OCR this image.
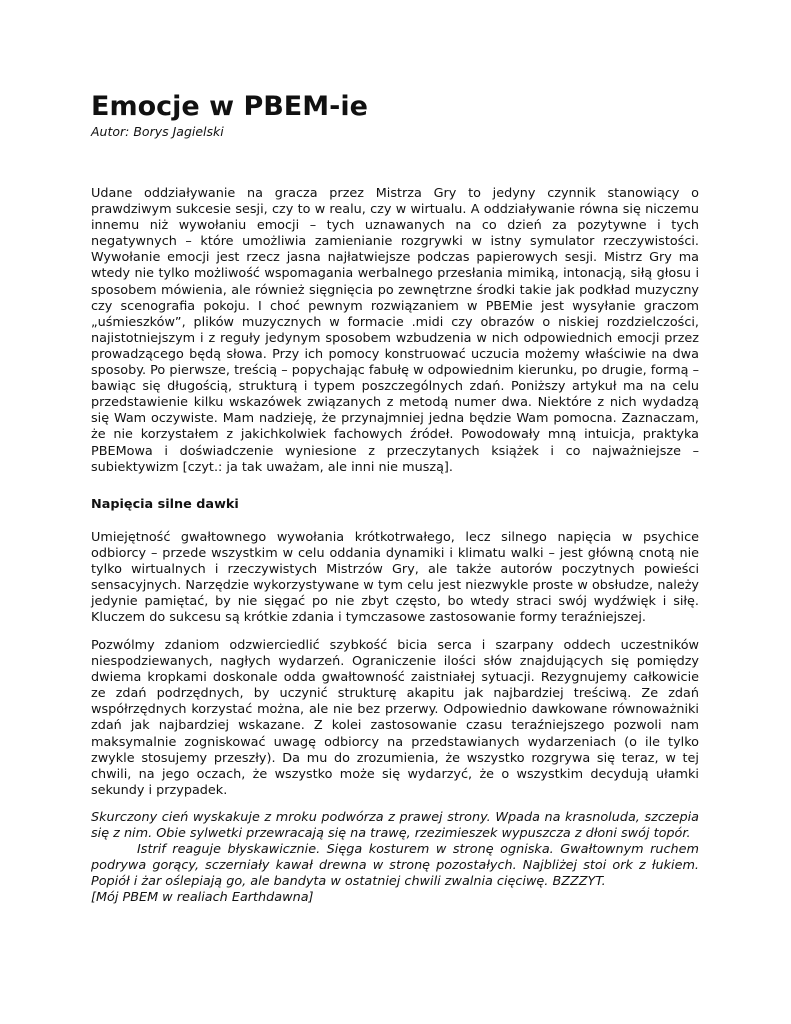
Emocje w PBEM-ie
Autor: Borys Jagielski

Udane oddziaływanie na gracza przez Mistrza Gry to jedyny czynnik stanowiący o prawdziwym sukcesie sesji, czy to w realu, czy w wirtualu. A oddziaływanie równa się niczemu innemu niż wywołaniu emocji – tych uznawanych na co dzień za pozytywne i tych negatywnych – które umożliwia zamienianie rozgrywki w istny symulator rzeczywistości. Wywołanie emocji jest rzecz jasna najłatwiejsze podczas papierowych sesji. Mistrz Gry ma wtedy nie tylko możliwość wspomagania werbalnego przesłania mimiką, intonacją, siłą głosu i sposobem mówienia, ale również sięgnięcia po zewnętrzne środki takie jak podkład muzyczny czy scenografia pokoju. I choć pewnym rozwiązaniem w PBEMie jest wysyłanie graczom „uśmieszków”, plików muzycznych w formacie .midi czy obrazów o niskiej rozdzielczości, najistotniejszym i z reguły jedynym sposobem wzbudzenia w nich odpowiednich emocji przez prowadzącego będą słowa. Przy ich pomocy konstruować uczucia możemy właściwie na dwa sposoby. Po pierwsze, treścią – popychając fabułę w odpowiednim kierunku, po drugie, formą – bawiąc się długością, strukturą i typem poszczególnych zdań. Poniższy artykuł ma na celu przedstawienie kilku wskazówek związanych z metodą numer dwa. Niektóre z nich wydadzą się Wam oczywiste. Mam nadzieję, że przynajmniej jedna będzie Wam pomocna. Zaznaczam, że nie korzystałem z jakichkolwiek fachowych źródeł. Powodowały mną intuicja, praktyka PBEMowa i doświadczenie wyniesione z przeczytanych książek i co najważniejsze – subiektywizm [czyt.: ja tak uważam, ale inni nie muszą].

Napięcia silne dawki

Umiejętność gwałtownego wywołania krótkotrwałego, lecz silnego napięcia w psychice odbiorcy – przede wszystkim w celu oddania dynamiki i klimatu walki – jest główną cnotą nie tylko wirtualnych i rzeczywistych Mistrzów Gry, ale także autorów poczytnych powieści sensacyjnych. Narzędzie wykorzystywane w tym celu jest niezwykle proste w obsłudze, należy jedynie pamiętać, by nie sięgać po nie zbyt często, bo wtedy straci swój wydźwięk i siłę. Kluczem do sukcesu są krótkie zdania i tymczasowe zastosowanie formy teraźniejszej.

Pozwólmy zdaniom odzwierciedlić szybkość bicia serca i szarpany oddech uczestników niespodziewanych, nagłych wydarzeń. Ograniczenie ilości słów znajdujących się pomiędzy dwiema kropkami doskonale odda gwałtowność zaistniałej sytuacji. Rezygnujemy całkowicie ze zdań podrzędnych, by uczynić strukturę akapitu jak najbardziej treściwą. Ze zdań współrzędnych korzystać można, ale nie bez przerwy. Odpowiednio dawkowane równoważniki zdań jak najbardziej wskazane. Z kolei zastosowanie czasu teraźniejszego pozwoli nam maksymalnie zogniskować uwagę odbiorcy na przedstawianych wydarzeniach (o ile tylko zwykle stosujemy przeszły). Da mu do zrozumienia, że wszystko rozgrywa się teraz, w tej chwili, na jego oczach, że wszystko może się wydarzyć, że o wszystkim decydują ułamki sekundy i przypadek.

Skurczony cień wyskakuje z mroku podwórza z prawej strony. Wpada na krasnoluda, szczepia się z nim. Obie sylwetki przewracają się na trawę, rzezimieszek wypuszcza z dłoni swój topór.
Istrif reaguje błyskawicznie. Sięga kosturem w stronę ogniska. Gwałtownym ruchem podrywa gorący, sczerniały kawał drewna w stronę pozostałych. Najbliżej stoi ork z łukiem. Popiół i żar oślepiają go, ale bandyta w ostatniej chwili zwalnia cięciwę. BZZZYT.
[Mój PBEM w realiach Earthdawna]
